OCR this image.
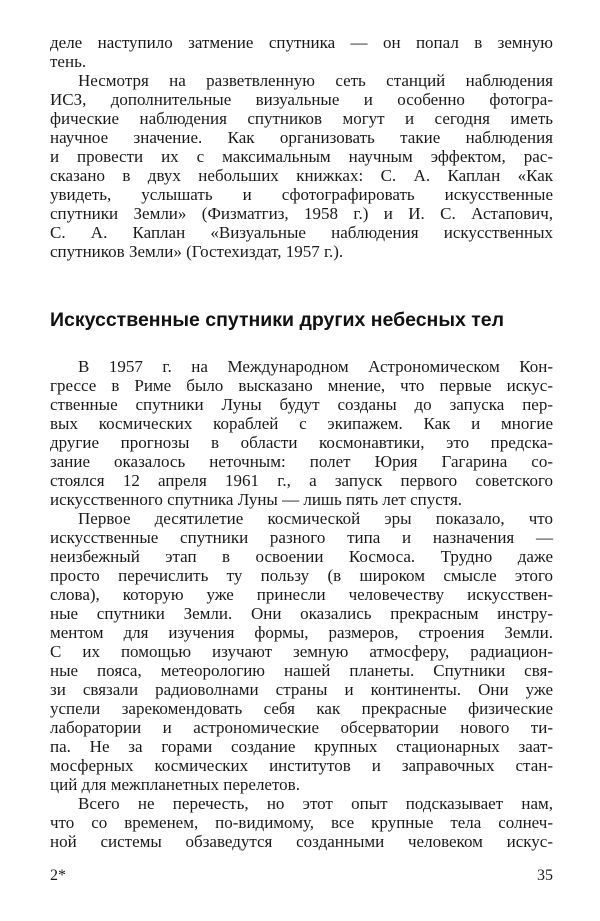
деле наступило затмение спутника — он попал в земную
тень.
Несмотря на разветвленную сеть станций наблюдения
ИСЗ, дополнительные визуальные и особенно фотогра-
фические наблюдения спутников могут и сегодня иметь
научное значение. Как организовать такие наблюдения
и провести их с максимальным научным эффектом, рас-
сказано в двух небольших книжках: С. А. Каплан «Как
увидеть, услышать и сфотографировать искусственные
спутники Земли» (Физматгиз, 1958 г.) и И. С. Астапович,
С. А. Каплан «Визуальные наблюдения искусственных
спутников Земли» (Гостехиздат, 1957 г.).
Искусственные спутники других небесных тел
В 1957 г. на Международном Астрономическом Кон-
грессе в Риме было высказано мнение, что первые искус-
ственные спутники Луны будут созданы до запуска пер-
вых космических кораблей с экипажем. Как и многие
другие прогнозы в области космонавтики, это предска-
зание оказалось неточным: полет Юрия Гагарина со-
стоялся 12 апреля 1961 г., а запуск первого советского
искусственного спутника Луны — лишь пять лет спустя.
Первое десятилетие космической эры показало, что
искусственные спутники разного типа и назначения —
неизбежный этап в освоении Космоса. Трудно даже
просто перечислить ту пользу (в широком смысле этого
слова), которую уже принесли человечеству искусствен-
ные спутники Земли. Они оказались прекрасным инстру-
ментом для изучения формы, размеров, строения Земли.
С их помощью изучают земную атмосферу, радиацион-
ные пояса, метеорологию нашей планеты. Спутники свя-
зи связали радиоволнами страны и континенты. Они уже
успели зарекомендовать себя как прекрасные физические
лаборатории и астрономические обсерватории нового ти-
па. Не за горами создание крупных стационарных заат-
мосферных космических институтов и заправочных стан-
ций для межпланетных перелетов.
Всего не перечесть, но этот опыт подсказывает нам,
что со временем, по-видимому, все крупные тела солнеч-
ной системы обзаведутся созданными человеком искус-
2*	35
